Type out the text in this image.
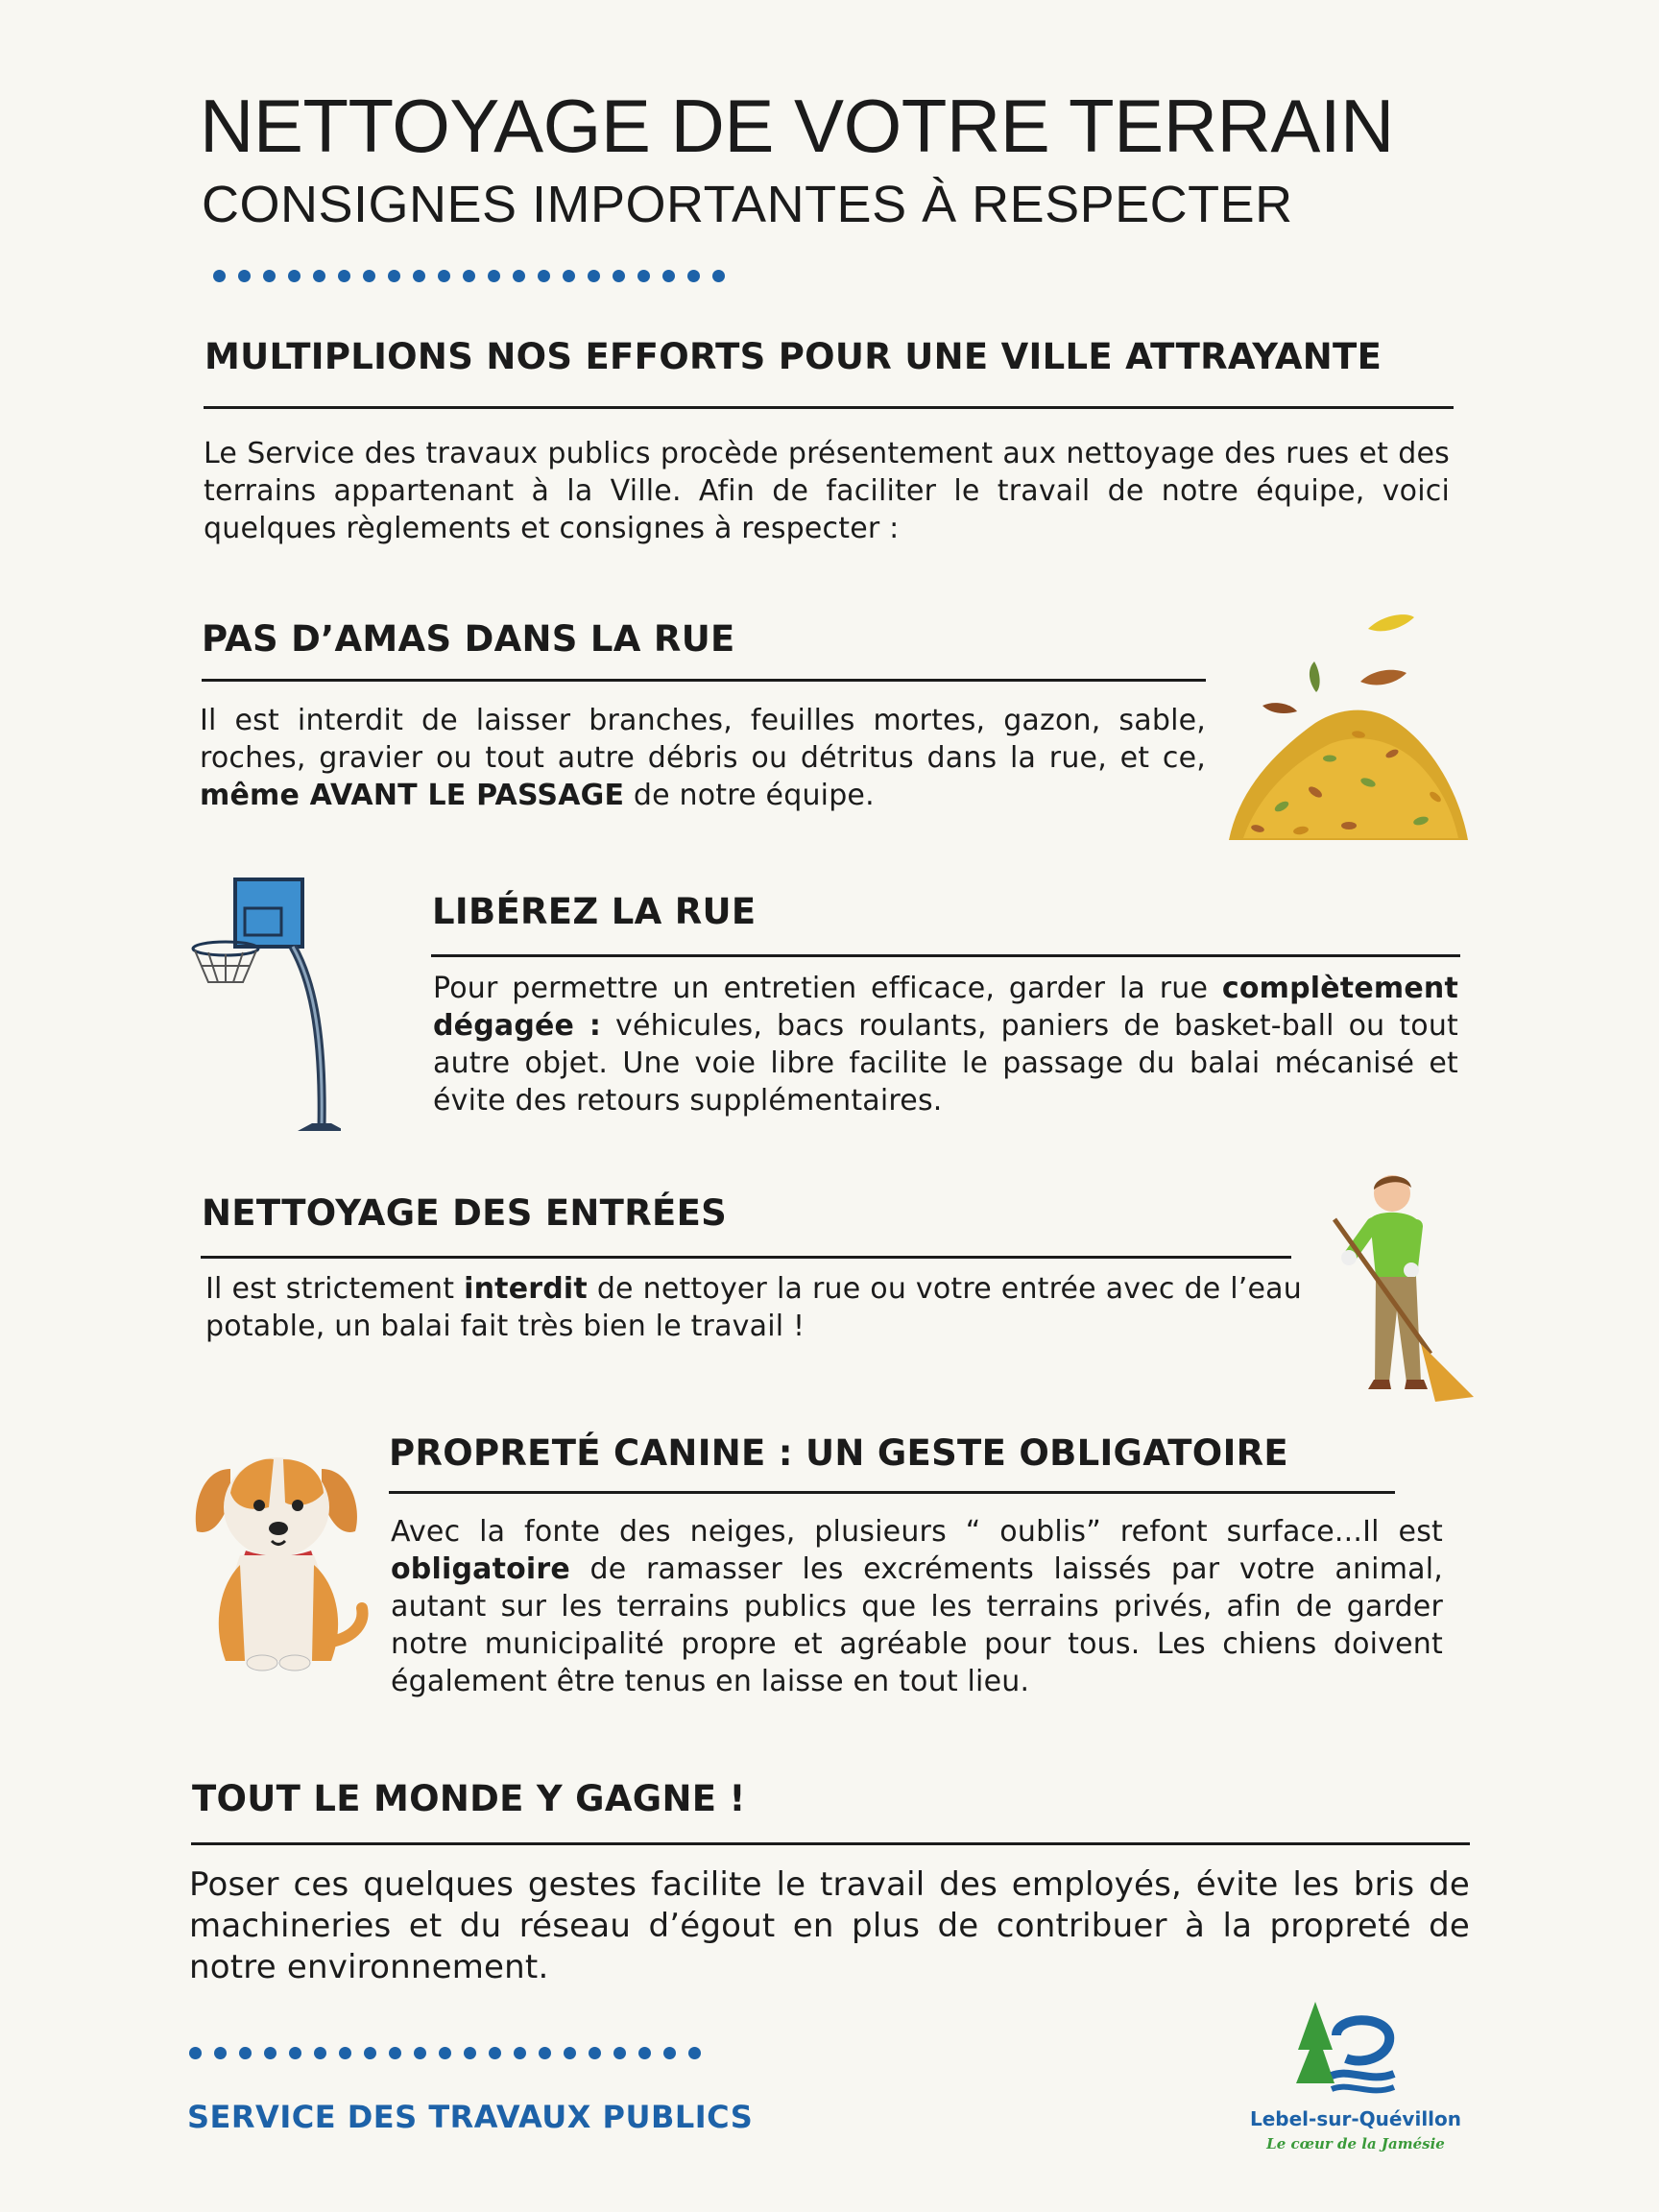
NETTOYAGE DE VOTRE TERRAIN
CONSIGNES IMPORTANTES À RESPECTER
MULTIPLIONS NOS EFFORTS POUR UNE VILLE ATTRAYANTE
Le Service des travaux publics procède présentement aux nettoyage des rues et des terrains appartenant à la Ville. Afin de faciliter le travail de notre équipe, voici quelques règlements et consignes à respecter :
PAS D’AMAS DANS LA RUE
Il est interdit de laisser branches, feuilles mortes, gazon, sable, roches, gravier ou tout autre débris ou détritus dans la rue, et ce, même AVANT LE PASSAGE de notre équipe.
LIBÉREZ LA RUE
Pour permettre un entretien efficace, garder la rue complètement dégagée : véhicules, bacs roulants, paniers de basket-ball ou tout autre objet. Une voie libre facilite le passage du balai mécanisé et évite des retours supplémentaires.
NETTOYAGE DES ENTRÉES
Il est strictement interdit de nettoyer la rue ou votre entrée avec de l’eau potable, un balai fait très bien le travail !
PROPRETÉ CANINE : UN GESTE OBLIGATOIRE
Avec la fonte des neiges, plusieurs “ oublis” refont surface...Il est obligatoire de ramasser les excréments laissés par votre animal, autant sur les terrains publics que les terrains privés, afin de garder notre municipalité propre et agréable pour tous. Les chiens doivent également être tenus en laisse en tout lieu.
TOUT LE MONDE Y GAGNE !
Poser ces quelques gestes facilite le travail des employés, évite les bris de machineries et du réseau d’égout en plus de contribuer à la propreté de notre environnement.
SERVICE DES TRAVAUX PUBLICS	Lebel-sur-Quévillon
Le cœur de la Jamésie
